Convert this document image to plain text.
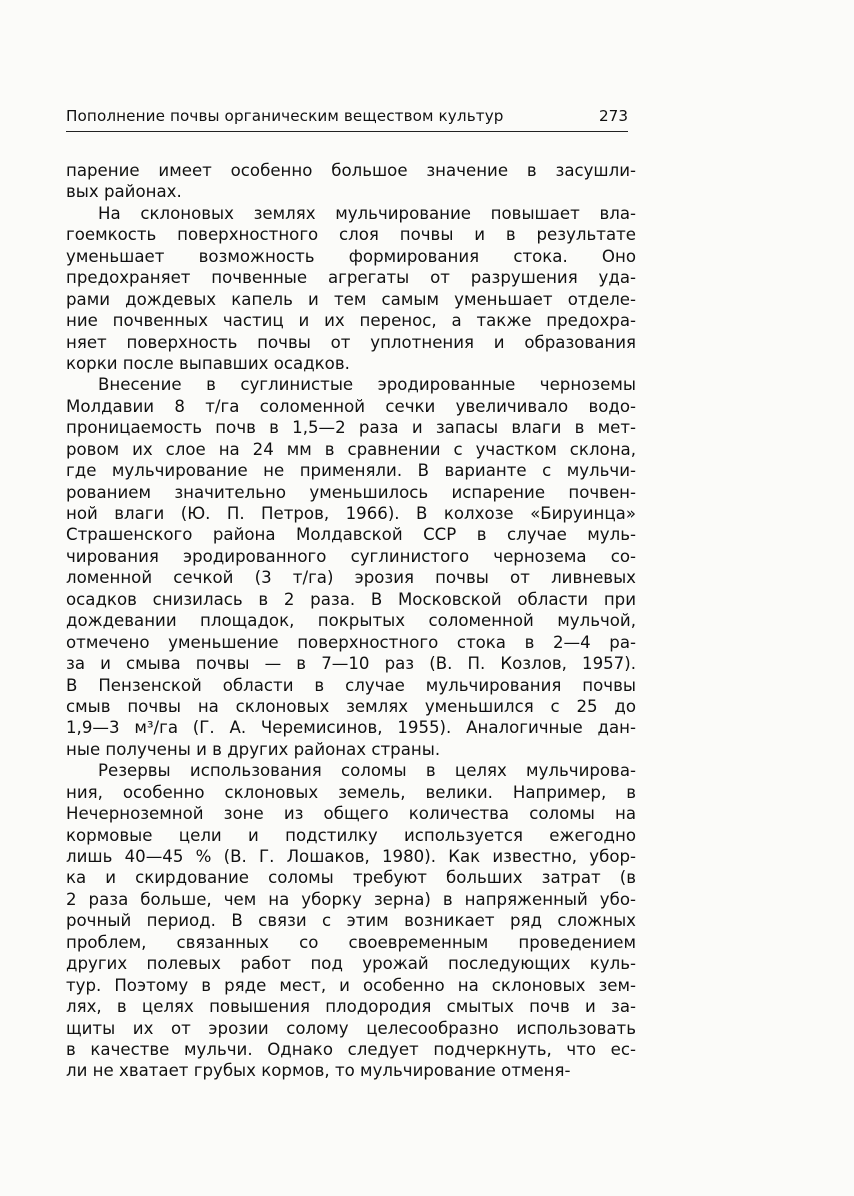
Пополнение почвы органическим веществом культур	273
парение имеет особенно большое значение в засушли-
вых районах.
На склоновых землях мульчирование повышает вла-
гоемкость поверхностного слоя почвы и в результате
уменьшает возможность формирования стока. Оно
предохраняет почвенные агрегаты от разрушения уда-
рами дождевых капель и тем самым уменьшает отделе-
ние почвенных частиц и их перенос, а также предохра-
няет поверхность почвы от уплотнения и образования
корки после выпавших осадков.
Внесение в суглинистые эродированные черноземы
Молдавии 8 т/га соломенной сечки увеличивало водо-
проницаемость почв в 1,5—2 раза и запасы влаги в мет-
ровом их слое на 24 мм в сравнении с участком склона,
где мульчирование не применяли. В варианте с мульчи-
рованием значительно уменьшилось испарение почвен-
ной влаги (Ю. П. Петров, 1966). В колхозе «Бируинца»
Страшенского района Молдавской ССР в случае муль-
чирования эродированного суглинистого чернозема со-
ломенной сечкой (3 т/га) эрозия почвы от ливневых
осадков снизилась в 2 раза. В Московской области при
дождевании площадок, покрытых соломенной мульчой,
отмечено уменьшение поверхностного стока в 2—4 ра-
за и смыва почвы — в 7—10 раз (В. П. Козлов, 1957).
В Пензенской области в случае мульчирования почвы
смыв почвы на склоновых землях уменьшился с 25 до
1,9—3 м³/га (Г. А. Черемисинов, 1955). Аналогичные дан-
ные получены и в других районах страны.
Резервы использования соломы в целях мульчирова-
ния, особенно склоновых земель, велики. Например, в
Нечерноземной зоне из общего количества соломы на
кормовые цели и подстилку используется ежегодно
лишь 40—45 % (В. Г. Лошаков, 1980). Как известно, убор-
ка и скирдование соломы требуют больших затрат (в
2 раза больше, чем на уборку зерна) в напряженный убо-
рочный период. В связи с этим возникает ряд сложных
проблем, связанных со своевременным проведением
других полевых работ под урожай последующих куль-
тур. Поэтому в ряде мест, и особенно на склоновых зем-
лях, в целях повышения плодородия смытых почв и за-
щиты их от эрозии солому целесообразно использовать
в качестве мульчи. Однако следует подчеркнуть, что ес-
ли не хватает грубых кормов, то мульчирование отменя-
